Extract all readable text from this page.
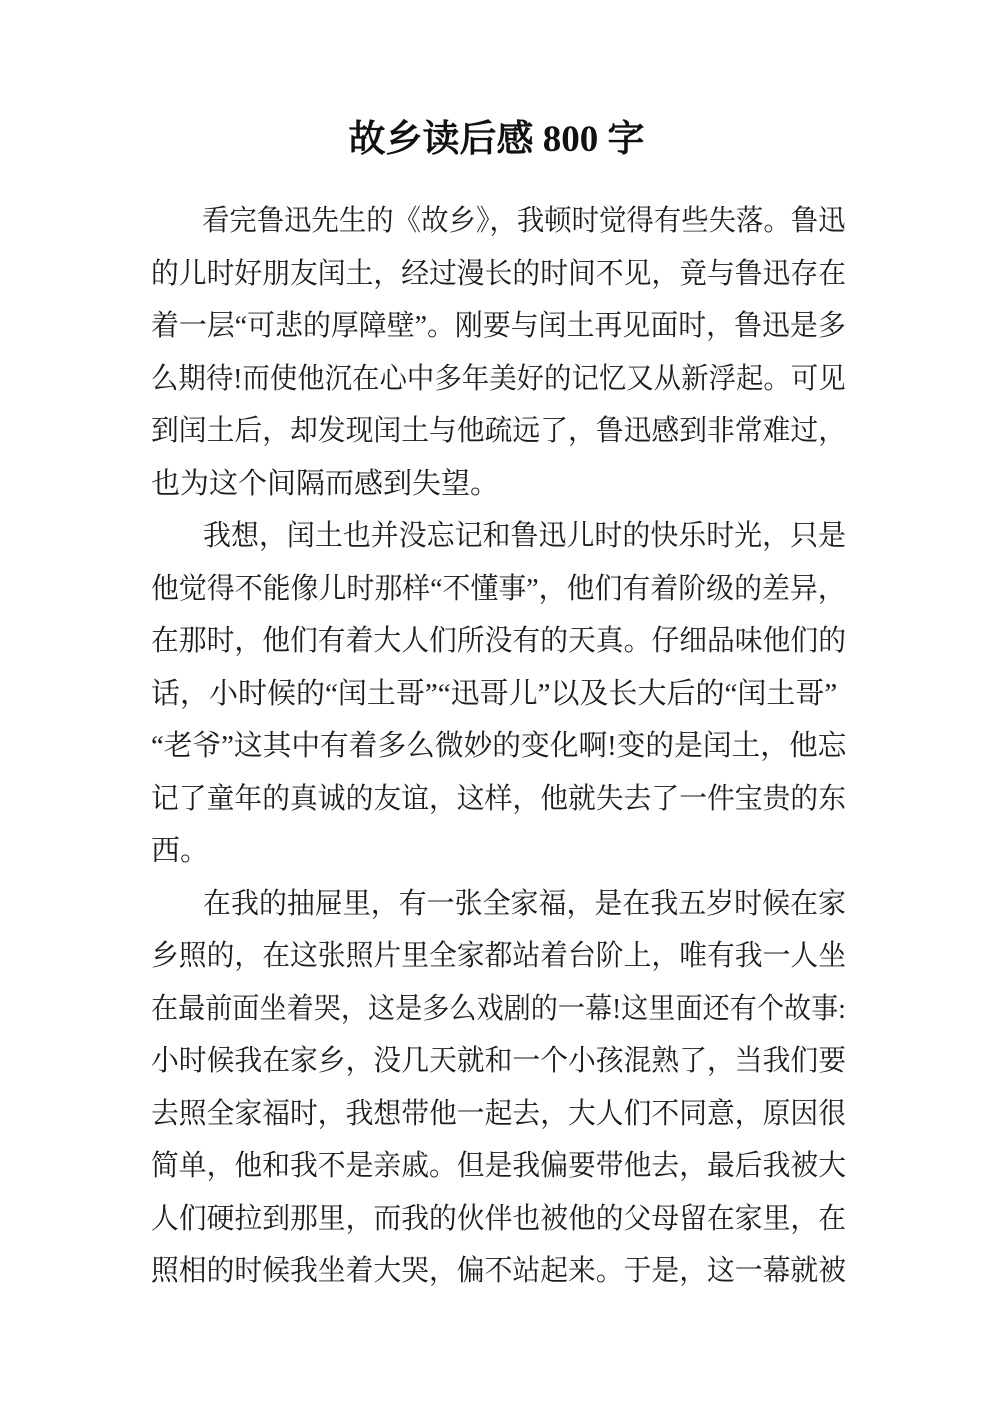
故乡读后感 800 字
看完鲁迅先生的《故乡》，我顿时觉得有些失落。鲁迅
的儿时好朋友闰土，经过漫长的时间不见，竟与鲁迅存在
着一层“可悲的厚障壁”。刚要与闰土再见面时，鲁迅是多
么期待!而使他沉在心中多年美好的记忆又从新浮起。可见
到闰土后，却发现闰土与他疏远了，鲁迅感到非常难过，
也为这个间隔而感到失望。
我想，闰土也并没忘记和鲁迅儿时的快乐时光，只是
他觉得不能像儿时那样“不懂事”，他们有着阶级的差异，
在那时，他们有着大人们所没有的天真。仔细品味他们的
话，小时候的“闰土哥”“迅哥儿”以及长大后的“闰土哥”
“老爷”这其中有着多么微妙的变化啊!变的是闰土，他忘
记了童年的真诚的友谊，这样，他就失去了一件宝贵的东
西。
在我的抽屉里，有一张全家福，是在我五岁时候在家
乡照的，在这张照片里全家都站着台阶上，唯有我一人坐
在最前面坐着哭，这是多么戏剧的一幕!这里面还有个故事:
小时候我在家乡，没几天就和一个小孩混熟了，当我们要
去照全家福时，我想带他一起去，大人们不同意，原因很
简单，他和我不是亲戚。但是我偏要带他去，最后我被大
人们硬拉到那里，而我的伙伴也被他的父母留在家里，在
照相的时候我坐着大哭，偏不站起来。于是，这一幕就被
